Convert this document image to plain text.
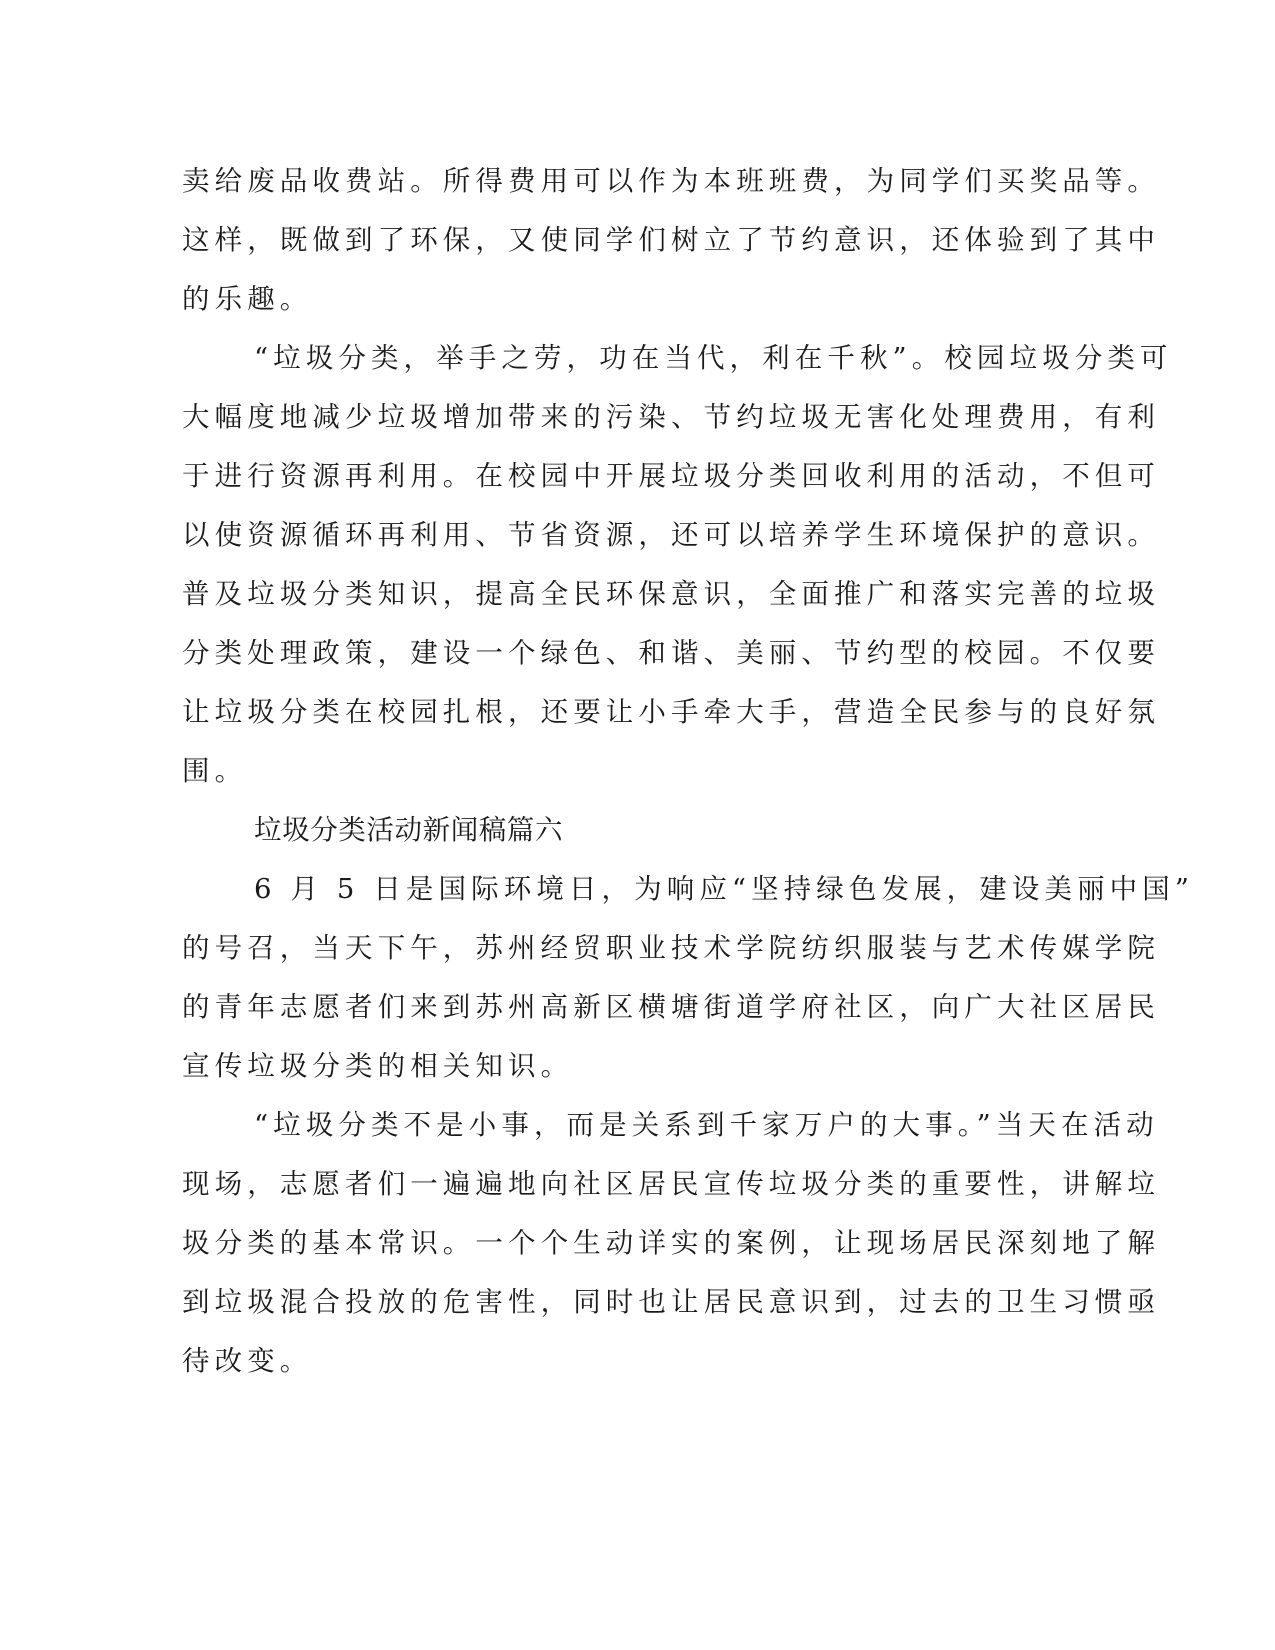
卖给废品收费站。所得费用可以作为本班班费，为同学们买奖品等。
这样，既做到了环保，又使同学们树立了节约意识，还体验到了其中
的乐趣。
“垃圾分类，举手之劳，功在当代，利在千秋”。校园垃圾分类可
大幅度地减少垃圾增加带来的污染、节约垃圾无害化处理费用，有利
于进行资源再利用。在校园中开展垃圾分类回收利用的活动，不但可
以使资源循环再利用、节省资源，还可以培养学生环境保护的意识。
普及垃圾分类知识，提高全民环保意识，全面推广和落实完善的垃圾
分类处理政策，建设一个绿色、和谐、美丽、节约型的校园。不仅要
让垃圾分类在校园扎根，还要让小手牵大手，营造全民参与的良好氛
围。
垃圾分类活动新闻稿篇六
6 月 5 日是国际环境日，为响应“坚持绿色发展，建设美丽中国”
的号召，当天下午，苏州经贸职业技术学院纺织服装与艺术传媒学院
的青年志愿者们来到苏州高新区横塘街道学府社区，向广大社区居民
宣传垃圾分类的相关知识。
“垃圾分类不是小事，而是关系到千家万户的大事。”当天在活动
现场，志愿者们一遍遍地向社区居民宣传垃圾分类的重要性，讲解垃
圾分类的基本常识。一个个生动详实的案例，让现场居民深刻地了解
到垃圾混合投放的危害性，同时也让居民意识到，过去的卫生习惯亟
待改变。
